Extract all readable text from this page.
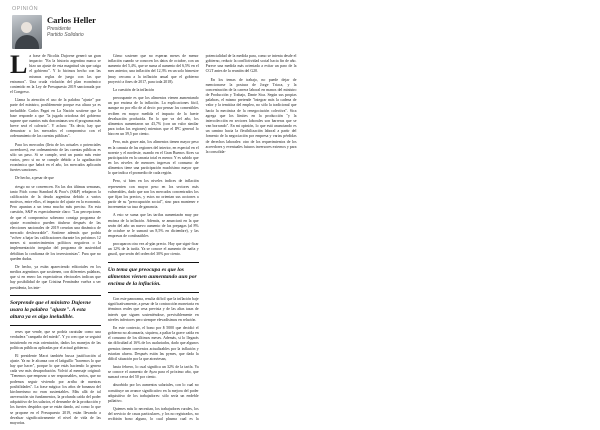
OPINIÓN
Carlos Heller
Presidente
Partido Solidario

La frase de Nicolás Dujovne generó un gran impacto: "En la historia argentina nunca se hizo un ajuste de esta magnitud sin que caiga el gobierno". Y lo hicimos hecho con las mismas reglas de juego con las que entramos". Una cruda violación del plan económico contenido en la Ley de Presupuesto 2019 sancionada por el Congreso.

Llama la atención el uso de la palabra "ajuste" por parte del ministro, posiblemente porque esa altura ya es ineludible. Carlos Pagni en La Nación sostiene que la base responde a que "la jugada ortodoxa del gobierno supone que cuantos más draconianas sea el programa más breve será el calvario". Y aclara: "Es decir, hay que demostrar a los mercados el compromiso con el ordenamiento de las cuentas públicas".

Para los mercados (lleta de los actuales o potenciales acreedores), ese ordenamiento de las cuentas públicas es sólo un paso. Si se cumple, será un punto más entre varios, pero si no se cumple debido a la agudización económica que habrá en el año, los mercados aplicarán fuertes sanciones.

De hecho, a pesar de que

riesgo no se convencen. En las dos últimas semanas, tanto Fitch como Standard & Poor's (S&P) rebajaron la calificación de la deuda argentina debido a varios motivos, entre ellos, el impacto del ajuste en la economía. Pero apuntan a un tema mucho más preciso. En esta cuestión, S&P es especialmente claro: "Las percepciones de que el compromiso soberano consiga programa de ajuste económico pueden titubear después de las elecciones nacionales de 2019 crearían una dinámica de mercado desfavorable". Sostiene además que podría "volver a bajar las calificaciones durante los próximos 12 meses si acontecimientos políticos negativos o la implementación irregular del programa de austeridad debilitan la confianza de los inversionistas". Para que no queden dudas.

De hecho, ya están apareciendo editoriales en los medios argentinos que sostienen, con diferentes palabras, que si en enero las expectativas electorales indican que hay posibilidad de que Cristina Fernández vuelva a ser presidenta, los inte-

Sorprende que el ministro Dujovne usara la palabra "ajuste". A esta altura ya es algo ineludible.

reses que vende, que se podría caratular como una verdadera "campaña del miedo". Y yo creo que se seguirá insistiendo en esta orientación, dados los manejos de las políticas públicas aplicadas por el actual gobierno.

El presidente Macri también busca justificación al ajuste. Ya no le alcanza con el latiguillo "hacemos lo que hay que hacer", porque lo que estás haciendo lo genera cada vez más desaprobación. Volvió al mensaje original: "Tenemos que empezar a ser responsables, serios, que no podemos seguir viviendo por arriba de nuestras posibilidades". La frase mágica: los años de bonanza del kirchnerismo no eran sustentables. Más allá de tal aseveración sin fundamentos, la profunda caída del poder adquisitivo de los salarios, el derrumbe de la producción y los fuertes despidos que se están dando, así como lo que se propone en el Presupuesto 2019, están llevando a devaluar significativamente el nivel de vida de las mayorías.

Cómo sostener que no esperan meses de menor inflación cuando se conocen los datos de octubre, con un aumento del 5,4%, que se suma al aumento del 6,5% en el mes anterior, una inflación del 12,3% en un solo bimestre (muy cercana a la inflación anual que el gobierno proyectó a fines de 2017, para toda 2018).

La cuestión de la inflación

preocupante es que los alimentos vienen aumentando un por encima de la inflación. La explicaciones fácil, aunque no por ello de al decir: por pensar los comestibles reciben en mayor medida el impacto de la fuerte devaluación producida. En lo que va del año, los alimentos aumentaron un 43,7% (con un valor similar para todas las regiones) mientras que el IPC general lo hizo en un 39,5 por ciento.

Pero, más grave aún, los alimentos tienen mayor peso en la canasta de las regiones del interior, en especial en el noreste y el nordeste, cuando en el Gran Buenos Aires su participación en la canasta total es menor. Y es sabido que en los niveles de menores ingresos el consumo de alimentos tiene una participación muchísimo mayor que lo que indica el promedio de cada región.

Pero, si bien en los niveles índices de inflación representen con mayor peso en los sectores más vulnerables, dado que son los mercados concentrados los que fijan los precios, y estos no orientan sus acciones a partir de su "preocupación social", sino para mantener e incrementar su tasa de ganancia.

A esto se suma que las tarifas aumentarán muy por encima de la inflación. Además, se anunciará en la que serán del año un nuevo aumento de las prepagas (al 8% de octubre se le sumará un 8,5% en diciembre), y las empresas de combustibles

procuparon otra vez al-gún precio. Hay que signi-ficar un 12% de la tarifa. Ya se conoce el aumento de nafta y gasoil, que serán del orden del 30% por ciento.

Un tema que preocupa es que los alimentos vienen aumentando aun por encima de la inflación.

Con este panorama, resulta difícil que la inflación baje significativamente, a pesar de la contracción monetaria en términos reales que cesa prevista y de las altas tasas de interés que siguen sosteniéndose, previsiblemente en niveles inferiores pero siempre elevadísimos en relación.

En este contexto, el bono por $ 5000 que decidió el gobierno no alcanzaría, siquiera, a paliar la grave caída en el consumo de los últimos meses. Además, si lo llegarás sin dificultad al 16% de los asalariados, dado que algunos gremios tienen convenios actualizables por la inflación y estarían afuera. Después están las pymes, que dada la difícil situación por la que atraviesan,

hasta febrero, lo cual significa un 32% de la tarifa. Ya se conoce el aumento de Ayza para el próximo año, que sumará cerca del 50 por ciento.

absorbido por los aumentos salariales, con lo cual no constituye un avance significativo en la mejora del poder adquisitivo de los trabajadores: sólo sería un endeble paliativo.

Quienes más lo necesitan, los trabajadores rurales, los del servicio de casas particulares, y los no registrados, no recibirán bono alguno, lo cual plasma cual es la potencialidad de la medida para, como se intenta desde el gobierno, reducir la conflictividad social hacia fin de año. Parece una medida más orientada a evitar un paro de la CGT antes de la reunión del G20.

En los temas de trabajo, no puede dejar de mencionarse la postura de Jorge Triaca, y la concentración de la carrera laboral en manos del ministro de Producción y Trabajo, Dante Sica. Según sus propias palabras, el mismo pretende "integrar más la cadena de valor y la temática del empleo, no sólo la tradicional que hacía la mecánica de la renegociación colectiva". Sica agrega que los límites en la producción "y la intercolección en sectores laborales son barreras que se van borrando". En mi opinión, lo que está anunciando es un camino hacia la flexibilización laboral a partir del fomento de la negociación por empresa y varias pérdidas de derechos laborales: otro de los requerimientos de los acreedores y eventuales futuros inversores externos y para la consolida-
